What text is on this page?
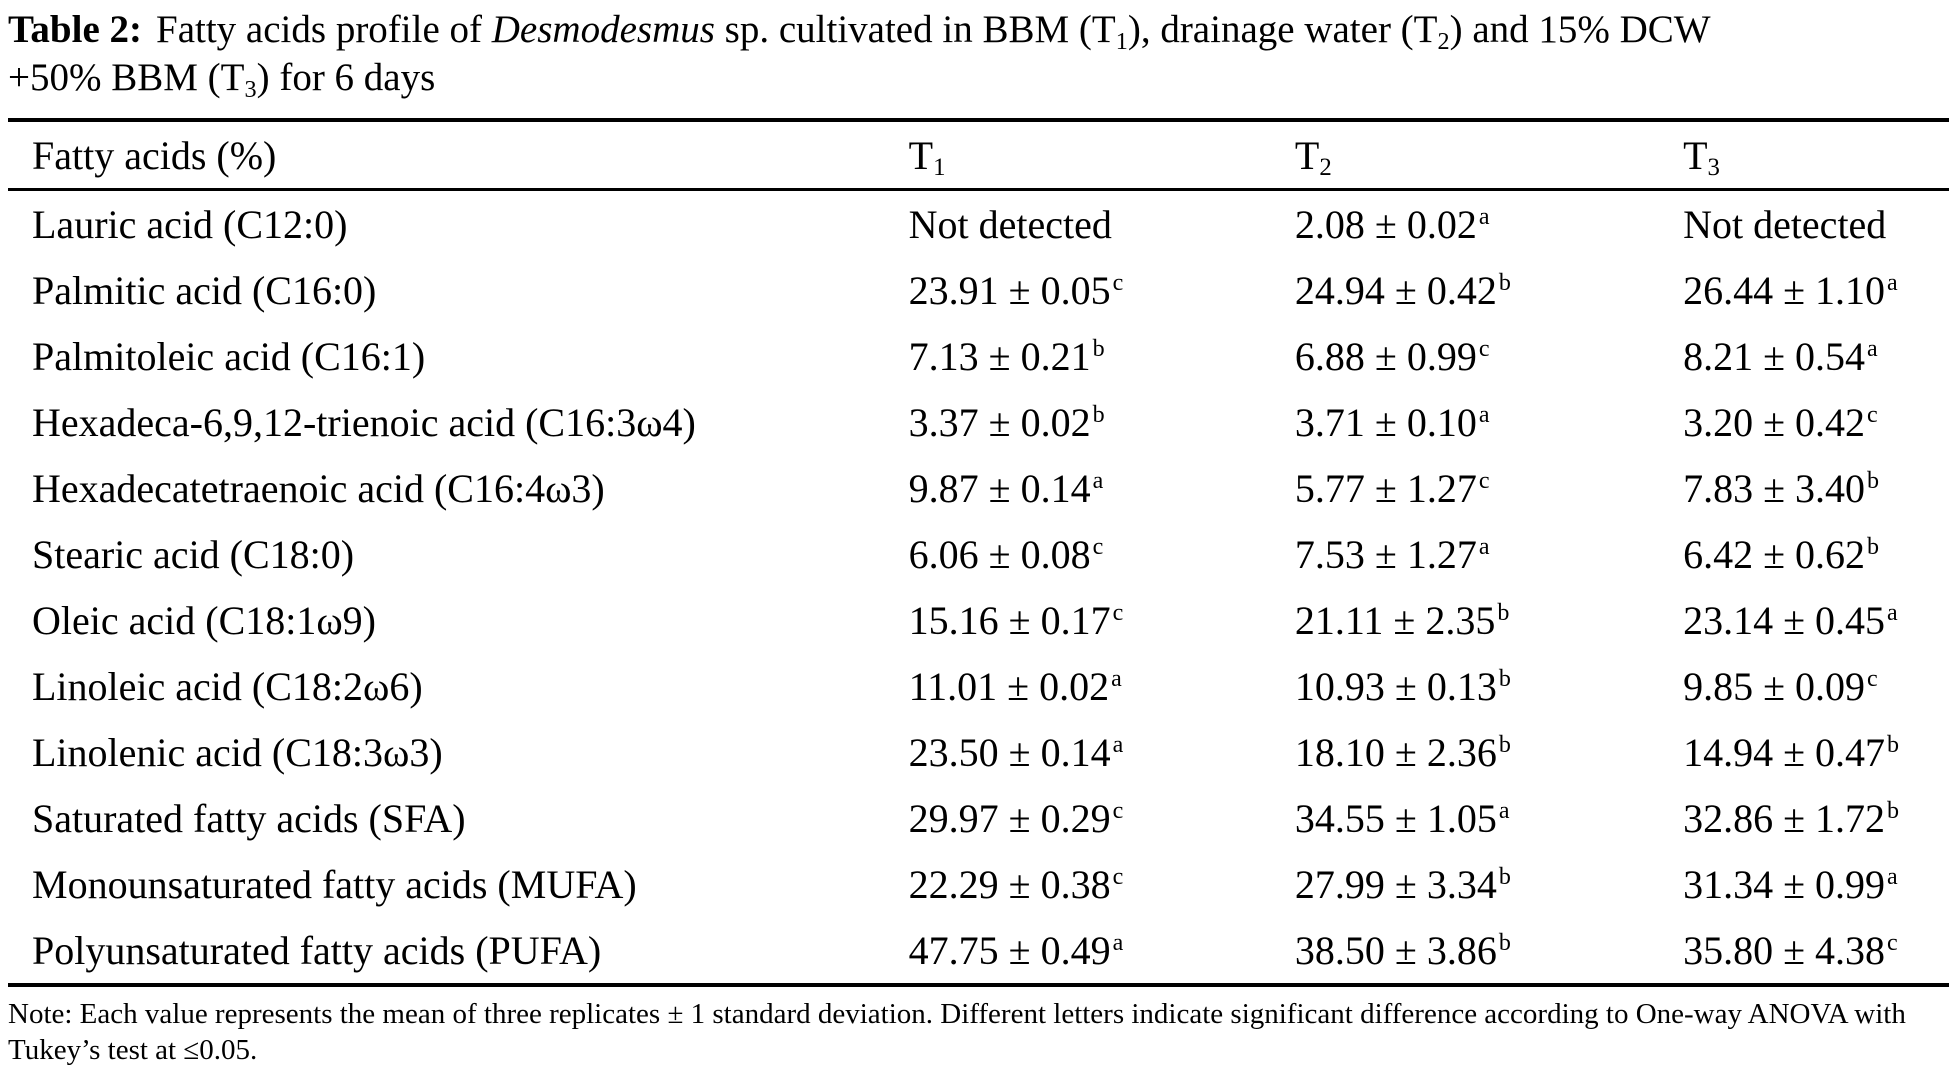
Table 2: Fatty acids profile of Desmodesmus sp. cultivated in BBM $(T_1)$, drainage water $(T_2)$ and 15% DCW
+50% BBM $(T_3)$ for 6 days
Fatty acids (%)	$T_1$	$T_2$	$T_3$
Lauric acid (C12:0)	Not detected	2.08 ± 0.02$^a$	Not detected
Palmitic acid (C16:0)	23.91 ± 0.05$^c$	24.94 ± 0.42$^b$	26.44 ± 1.10$^a$
Palmitoleic acid (C16:1)	7.13 ± 0.21$^b$	6.88 ± 0.99$^c$	8.21 ± 0.54$^a$
Hexadeca-6,9,12-trienoic acid (C16:3ω4)	3.37 ± 0.02$^b$	3.71 ± 0.10$^a$	3.20 ± 0.42$^c$
Hexadecatetraenoic acid (C16:4ω3)	9.87 ± 0.14$^a$	5.77 ± 1.27$^c$	7.83 ± 3.40$^b$
Stearic acid (C18:0)	6.06 ± 0.08$^c$	7.53 ± 1.27$^a$	6.42 ± 0.62$^b$
Oleic acid (C18:1ω9)	15.16 ± 0.17$^c$	21.11 ± 2.35$^b$	23.14 ± 0.45$^a$
Linoleic acid (C18:2ω6)	11.01 ± 0.02$^a$	10.93 ± 0.13$^b$	9.85 ± 0.09$^c$
Linolenic acid (C18:3ω3)	23.50 ± 0.14$^a$	18.10 ± 2.36$^b$	14.94 ± 0.47$^b$
Saturated fatty acids (SFA)	29.97 ± 0.29$^c$	34.55 ± 1.05$^a$	32.86 ± 1.72$^b$
Monounsaturated fatty acids (MUFA)	22.29 ± 0.38$^c$	27.99 ± 3.34$^b$	31.34 ± 0.99$^a$
Polyunsaturated fatty acids (PUFA)	47.75 ± 0.49$^a$	38.50 ± 3.86$^b$	35.80 ± 4.38$^c$
Note: Each value represents the mean of three replicates ± 1 standard deviation. Different letters indicate significant difference according to One-way ANOVA with Tukey’s test at ≤0.05.
